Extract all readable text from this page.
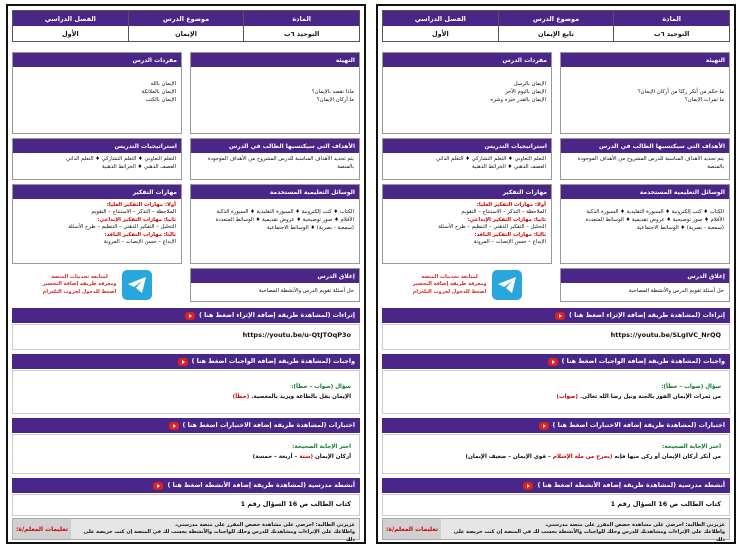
المادة
التوحيد ٦ب
موضوع الدرس
تابع الإيمان
الفصل الدراسي
الأول
التهيئة
ما حكم من أنكر ركنًا من أركان الإيمان؟
ما ثمرات الإيمان؟
مفردات الدرس
الإيمان بالرسل
الإيمان باليوم الآخر
الإيمان بالقدر خيره وشره
الأهداف التي سيكتسبها الطالب في الدرس
يتم تحديد الأهداف المناسبة للدرس المشروح من الأهداف الموجودة
بالمنصة
استراتيجيات التدريس
التعلم التعاوني ♦ التعلم التشاركي ♦ التعلم الذاتي
العصف الذهني ♦ الخرائط الذهنية
الوسائل التعليمية المستخدمة
الكتاب ♦ كتب إلكترونية ♦ السبورة التقليدية ♦ السبورة الذكية
الأقلام ♦ صور توضيحية ♦ عروض تقديمية ♦ الوسائط المتعددة
(سمعية - بصرية) ♦ الوسائط الاجتماعية
مهارات التفكير
أولا: مهارات التفكير العليا:
الملاحظة – التذكر – الاستنتاج – التقويم
ثانيا: مهارات التفكير الإبداعي:
التحليل – التفكير الذهني – التنظيم – طرح الأسئلة
ثالثا: مهارات التفكير الناقد:
الإبداع – حسن الإنصات – المرونة
إغلاق الدرس
حل أسئلة تقويم الدرس والأنشطة المصاحبة
لمتابعة تحديثات المنصة
ومعرفة طريقة إضافة التحضير
اضغط للدخول لجروب التلغرام
إثراءات (لمشاهدة طريقة إضافة الإثراء اضغط هنا )
https://youtu.be/SLgIVC_NrQQ
واجبات (لمشاهدة طريقة إضافة الواجبات اضغط هنا )
سؤال (صواب – خطأ):
من ثمرات الإيمان الفوز بالجنة ونيل رضا الله تعالى. (صواب)
اختبارات (لمشاهدة طريقة إضافة الاختبارات اضغط هنا )
اختر الإجابة الصحيحة:
من أنكر أركان الإيمان أو ركن منها فإنه (يخرج من ملة الإسلام – قوي الإيمان – ضعيف الإيمان)
أنشطة مدرسية (لمشاهدة طريقة إضافة الأنشطة اضغط هنا )
كتاب الطالب ص 16 السؤال رقم 1
عزيزتي الطالبة: احرصي على مشاهدة حصص المقرر على منصة مدرستي،
واطلاعك على الإثراءات ومشاهدتك للدرس وحلك للواجبات والأنشطة يحسب لك في المنصة إن كنت حريصة على ذلك
تعليمات المعلم/ة:
المادة
التوحيد ٦ب
موضوع الدرس
الإيمان
الفصل الدراسي
الأول
التهيئة
ماذا نقصد بالإيمان؟
ما أركان الإيمان؟
مفردات الدرس
الإيمان بالله
الإيمان بالملائكة
الإيمان بالكتب
الأهداف التي سيكتسبها الطالب في الدرس
يتم تحديد الأهداف المناسبة للدرس المشروح من الأهداف الموجودة
بالمنصة
استراتيجيات التدريس
التعلم التعاوني ♦ التعلم التشاركي ♦ التعلم الذاتي
العصف الذهني ♦ الخرائط الذهنية
الوسائل التعليمية المستخدمة
الكتاب ♦ كتب إلكترونية ♦ السبورة التقليدية ♦ السبورة الذكية
الأقلام ♦ صور توضيحية ♦ عروض تقديمية ♦ الوسائط المتعددة
(سمعية - بصرية) ♦ الوسائط الاجتماعية
مهارات التفكير
أولا: مهارات التفكير العليا:
الملاحظة – التذكر – الاستنتاج – التقويم
ثانيا: مهارات التفكير الإبداعي:
التحليل – التفكير الذهني – التنظيم – طرح الأسئلة
ثالثا: مهارات التفكير الناقد:
الإبداع – حسن الإنصات – المرونة
إغلاق الدرس
حل أسئلة تقويم الدرس والأنشطة المصاحبة
لمتابعة تحديثات المنصة
ومعرفة طريقة إضافة التحضير
اضغط للدخول لجروب التلغرام
إثراءات (لمشاهدة طريقة إضافة الإثراء اضغط هنا )
https://youtu.be/u-QtJTOqP3o
واجبات (لمشاهدة طريقة إضافة الواجبات اضغط هنا )
سؤال (صواب – خطأ):
الإيمان يقل بالطاعة ويزيد بالمعصية. (خطأ)
اختبارات (لمشاهدة طريقة إضافة الاختبارات اضغط هنا )
اختر الإجابة الصحيحة:
أركان الإيمان (ستة – أربعة – خمسة)
أنشطة مدرسية (لمشاهدة طريقة إضافة الأنشطة اضغط هنا )
كتاب الطالب ص 16 السؤال رقم 1
عزيزتي الطالبة: احرصي على مشاهدة حصص المقرر على منصة مدرستي،
واطلاعك على الإثراءات ومشاهدتك للدرس وحلك للواجبات والأنشطة يحسب لك في المنصة إن كنت حريصة على ذلك
تعليمات المعلم/ة:
